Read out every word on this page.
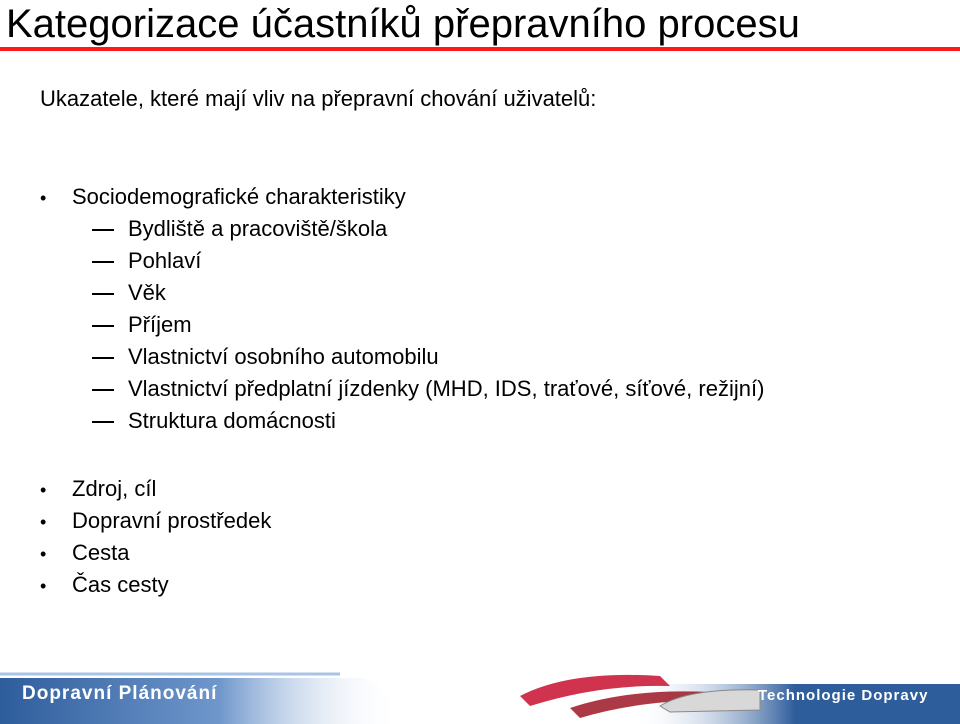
Kategorizace účastníků přepravního procesu
Ukazatele, které mají vliv na přepravní chování uživatelů:
• Sociodemografické charakteristiky
Bydliště a pracoviště/škola
Pohlaví
Věk
Příjem
Vlastnictví osobního automobilu
Vlastnictví předplatní jízdenky (MHD, IDS, traťové, síťové, režijní)
Struktura domácnosti
• Zdroj, cíl
• Dopravní prostředek
• Cesta
• Čas cesty
Dopravní Plánování	Technologie Dopravy
